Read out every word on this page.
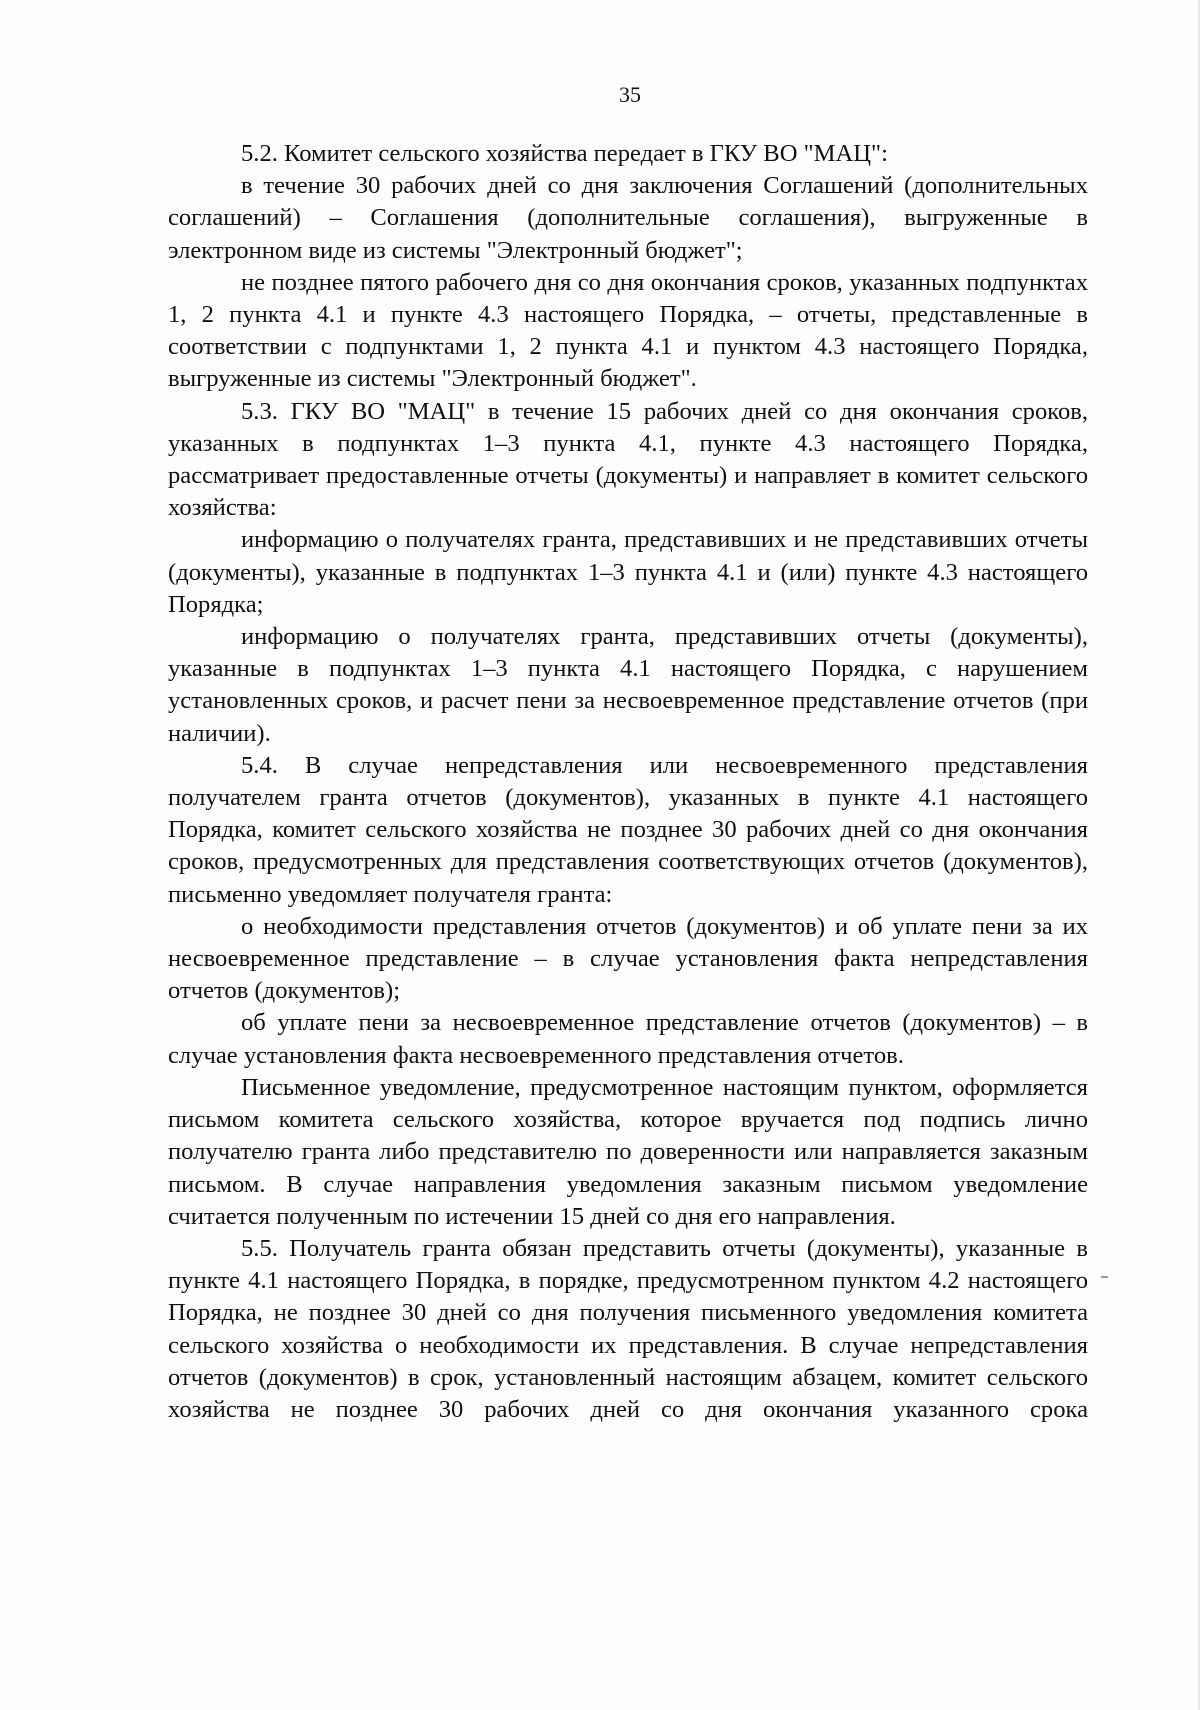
35

5.2. Комитет сельского хозяйства передает в ГКУ ВО "МАЦ":

в течение 30 рабочих дней со дня заключения Соглашений (дополнительных соглашений) – Соглашения (дополнительные соглашения), выгруженные в электронном виде из системы "Электронный бюджет";

не позднее пятого рабочего дня со дня окончания сроков, указанных подпунктах 1, 2 пункта 4.1 и пункте 4.3 настоящего Порядка, – отчеты, представленные в соответствии с подпунктами 1, 2 пункта 4.1 и пунктом 4.3 настоящего Порядка, выгруженные из системы "Электронный бюджет".

5.3. ГКУ ВО "МАЦ" в течение 15 рабочих дней со дня окончания сроков, указанных в подпунктах 1–3 пункта 4.1, пункте 4.3 настоящего Порядка, рассматривает предоставленные отчеты (документы) и направляет в комитет сельского хозяйства:

информацию о получателях гранта, представивших и не представивших отчеты (документы), указанные в подпунктах 1–3 пункта 4.1 и (или) пункте 4.3 настоящего Порядка;

информацию о получателях гранта, представивших отчеты (документы), указанные в подпунктах 1–3 пункта 4.1 настоящего Порядка, с нарушением установленных сроков, и расчет пени за несвоевременное представление отчетов (при наличии).

5.4. В случае непредставления или несвоевременного представления получателем гранта отчетов (документов), указанных в пункте 4.1 настоящего Порядка, комитет сельского хозяйства не позднее 30 рабочих дней со дня окончания сроков, предусмотренных для представления соответствующих отчетов (документов), письменно уведомляет получателя гранта:

о необходимости представления отчетов (документов) и об уплате пени за их несвоевременное представление – в случае установления факта непредставления отчетов (документов);

об уплате пени за несвоевременное представление отчетов (документов) – в случае установления факта несвоевременного представления отчетов.

Письменное уведомление, предусмотренное настоящим пунктом, оформляется письмом комитета сельского хозяйства, которое вручается под подпись лично получателю гранта либо представителю по доверенности или направляется заказным письмом. В случае направления уведомления заказным письмом уведомление считается полученным по истечении 15 дней со дня его направления.

5.5. Получатель гранта обязан представить отчеты (документы), указанные в пункте 4.1 настоящего Порядка, в порядке, предусмотренном пунктом 4.2 настоящего Порядка, не позднее 30 дней со дня получения письменного уведомления комитета сельского хозяйства о необходимости их представления. В случае непредставления отчетов (документов) в срок, установленный настоящим абзацем, комитет сельского хозяйства не позднее 30 рабочих дней со дня окончания указанного срока
